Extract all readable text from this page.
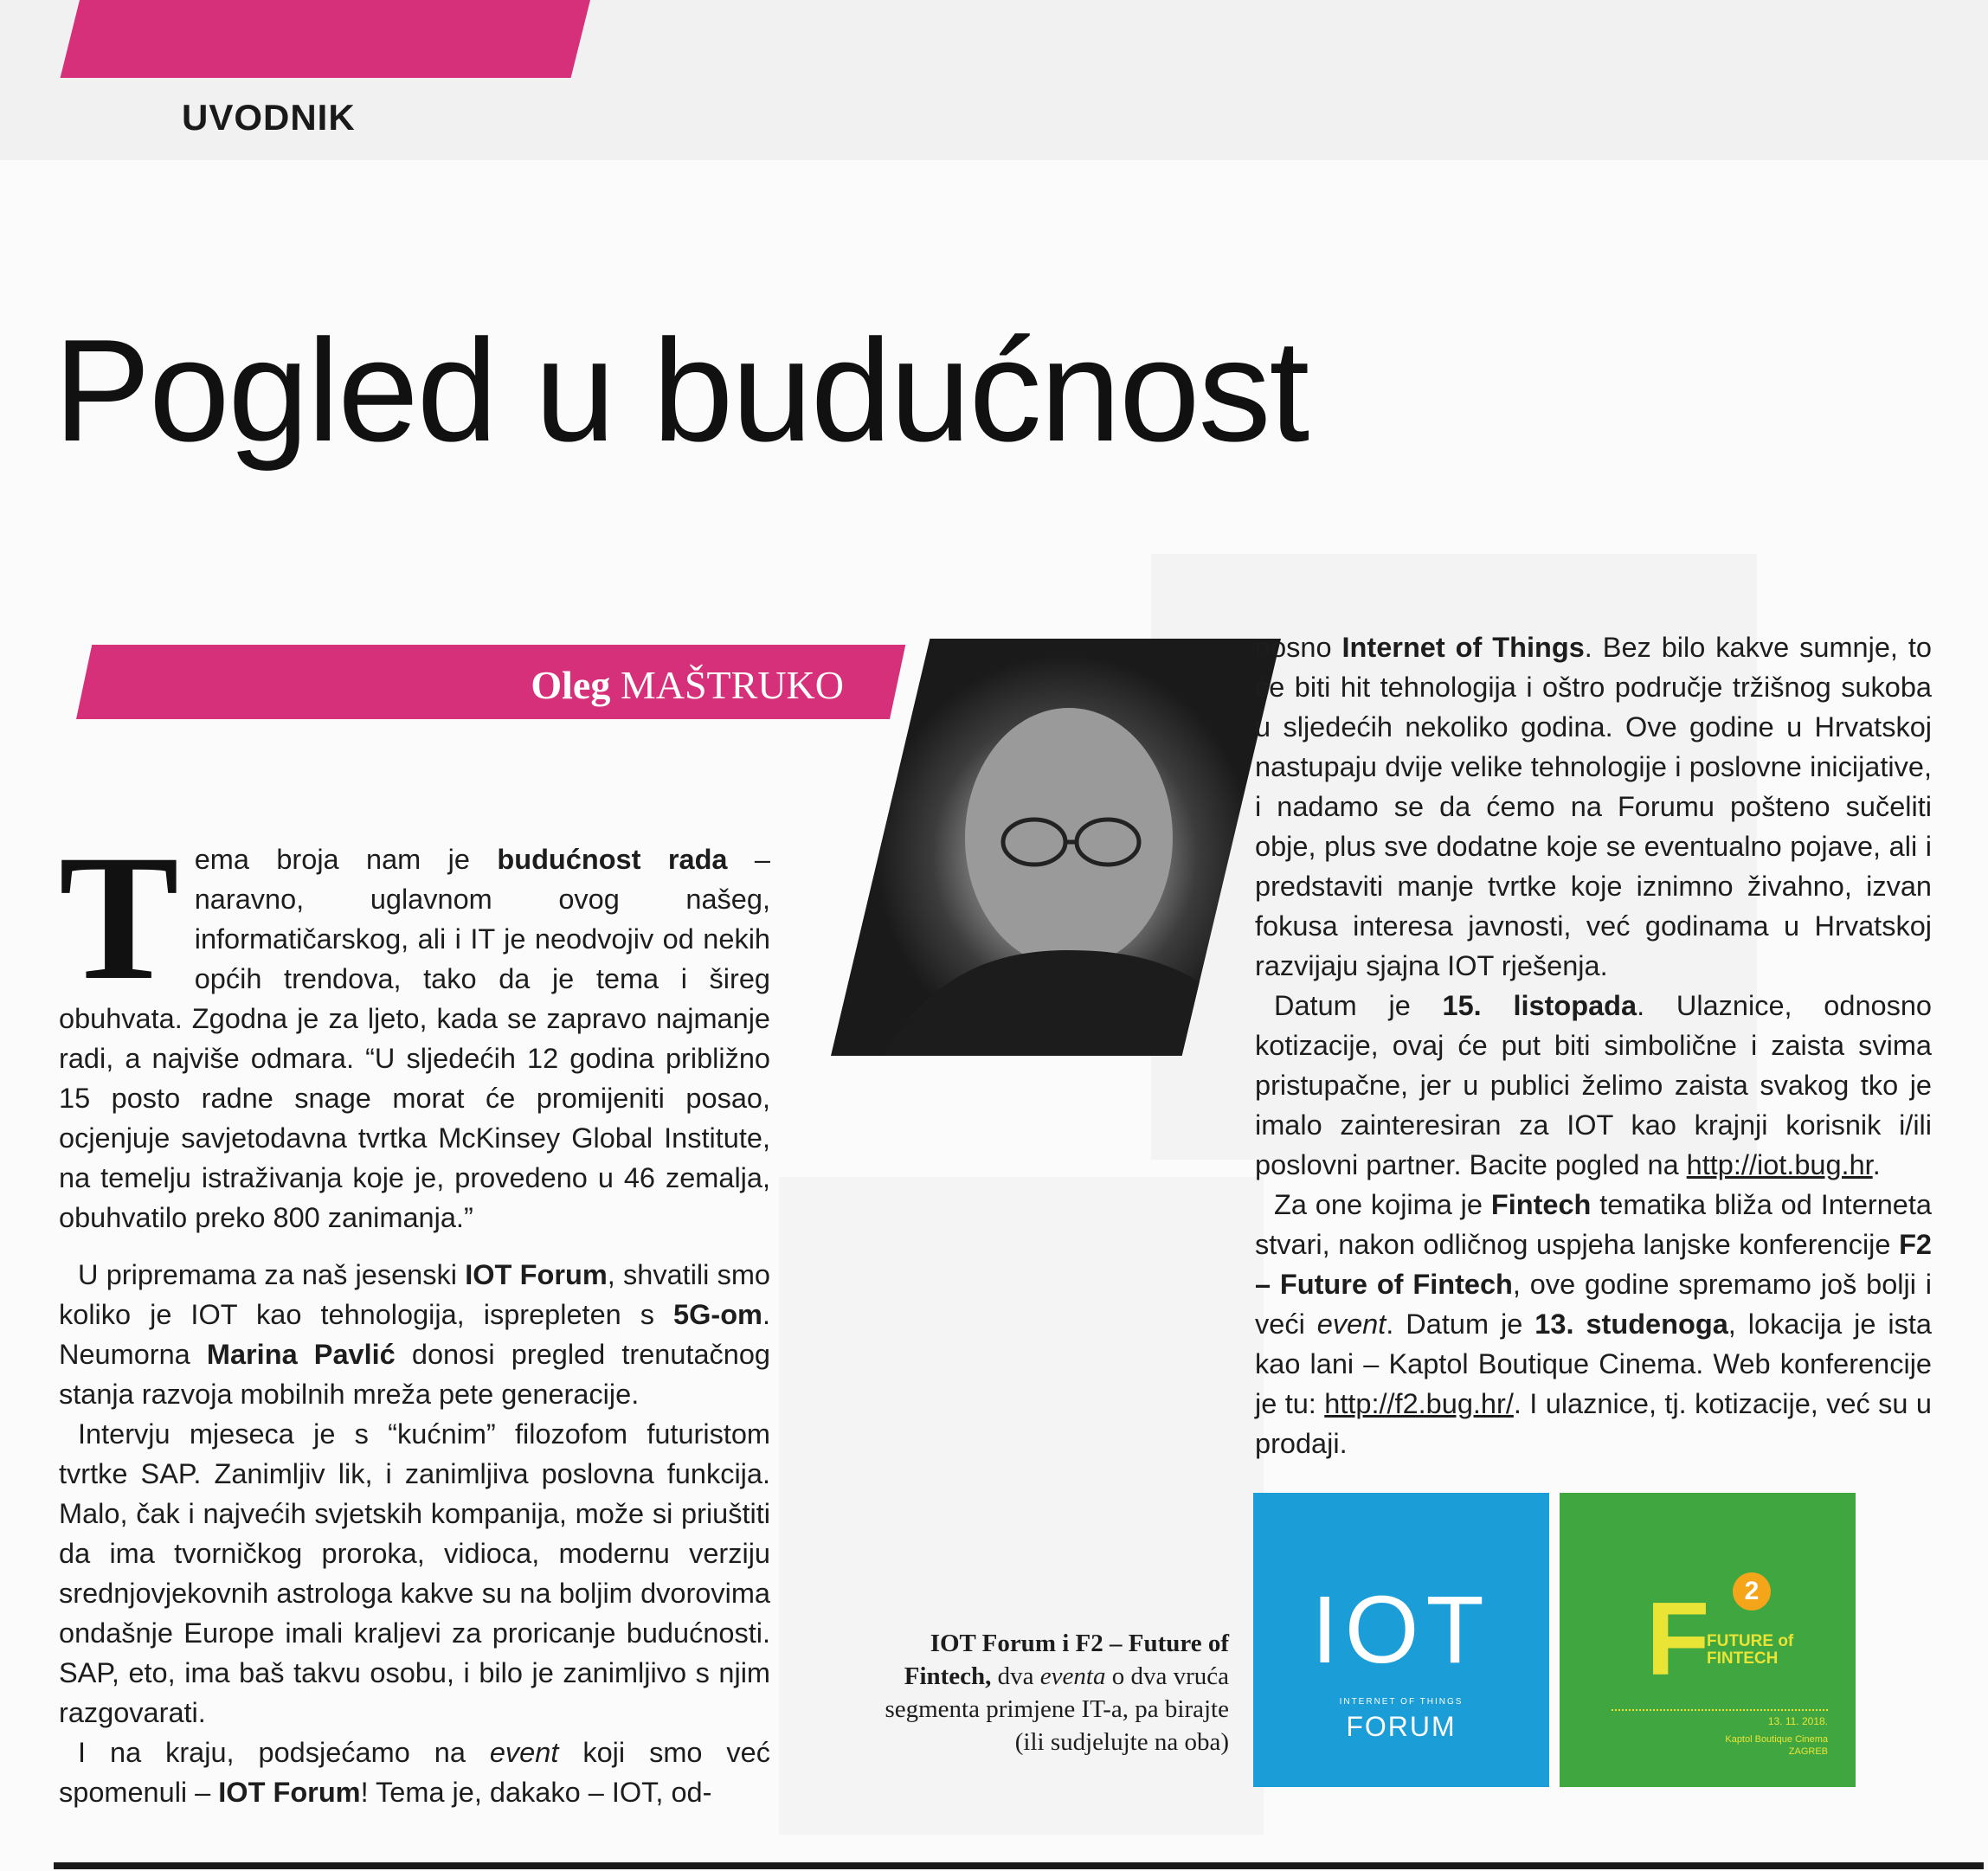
UVODNIK
Pogled u budućnost
Oleg MAŠTRUKO

Tema broja nam je budućnost rada – naravno, uglavnom ovog našeg, informatičarskog, ali i IT je neodvojiv od nekih općih trendova, tako da je tema i šireg obuhvata. Zgodna je za ljeto, kada se zapravo najmanje radi, a najviše odmara. “U sljedećih 12 godina približno 15 posto radne snage morat će promijeniti posao, ocjenjuje savjetodavna tvrtka McKinsey Global Institute, na temelju istraživanja koje je, provedeno u 46 zemalja, obuhvatilo preko 800 zanimanja.”

U pripremama za naš jesenski IOT Forum, shvatili smo koliko je IOT kao tehnologija, isprepleten s 5G-om. Neumorna Marina Pavlić donosi pregled trenutačnog stanja razvoja mobilnih mreža pete generacije.

Intervju mjeseca je s “kućnim” filozofom futuristom tvrtke SAP. Zanimljiv lik, i zanimljiva poslovna funkcija. Malo, čak i najvećih svjetskih kompanija, može si priuštiti da ima tvorničkog proroka, vidioca, modernu verziju srednjovjekovnih astrologa kakve su na boljim dvorovima ondašnje Europe imali kraljevi za proricanje budućnosti. SAP, eto, ima baš takvu osobu, i bilo je zanimljivo s njim razgovarati.

I na kraju, podsjećamo na event koji smo već spomenuli – IOT Forum! Tema je, dakako – IOT, od-

nosno Internet of Things. Bez bilo kakve sumnje, to će biti hit tehnologija i oštro područje tržišnog sukoba u sljedećih nekoliko godina. Ove godine u Hrvatskoj nastupaju dvije velike tehnologije i poslovne inicijative, i nadamo se da ćemo na Forumu pošteno sučeliti obje, plus sve dodatne koje se eventualno pojave, ali i predstaviti manje tvrtke koje iznimno živahno, izvan fokusa interesa javnosti, već godinama u Hrvatskoj razvijaju sjajna IOT rješenja.

Datum je 15. listopada. Ulaznice, odnosno kotizacije, ovaj će put biti simbolične i zaista svima pristupačne, jer u publici želimo zaista svakog tko je imalo zainteresiran za IOT kao krajnji korisnik i/ili poslovni partner. Bacite pogled na http://iot.bug.hr.

Za one kojima je Fintech tematika bliža od Interneta stvari, nakon odličnog uspjeha lanjske konferencije F2 – Future of Fintech, ove godine spremamo još bolji i veći event. Datum je 13. studenoga, lokacija je ista kao lani – Kaptol Boutique Cinema. Web konferencije je tu: http://f2.bug.hr/. I ulaznice, tj. kotizacije, već su u prodaji.

IOT Forum i F2 – Future of Fintech, dva eventa o dva vruća segmenta primjene IT-a, pa birajte (ili sudjelujte na oba)
IOT
INTERNET OF THINGS
FORUM
F	2
FUTURE of FINTECH
13. 11. 2018.
Kaptol Boutique Cinema
ZAGREB
